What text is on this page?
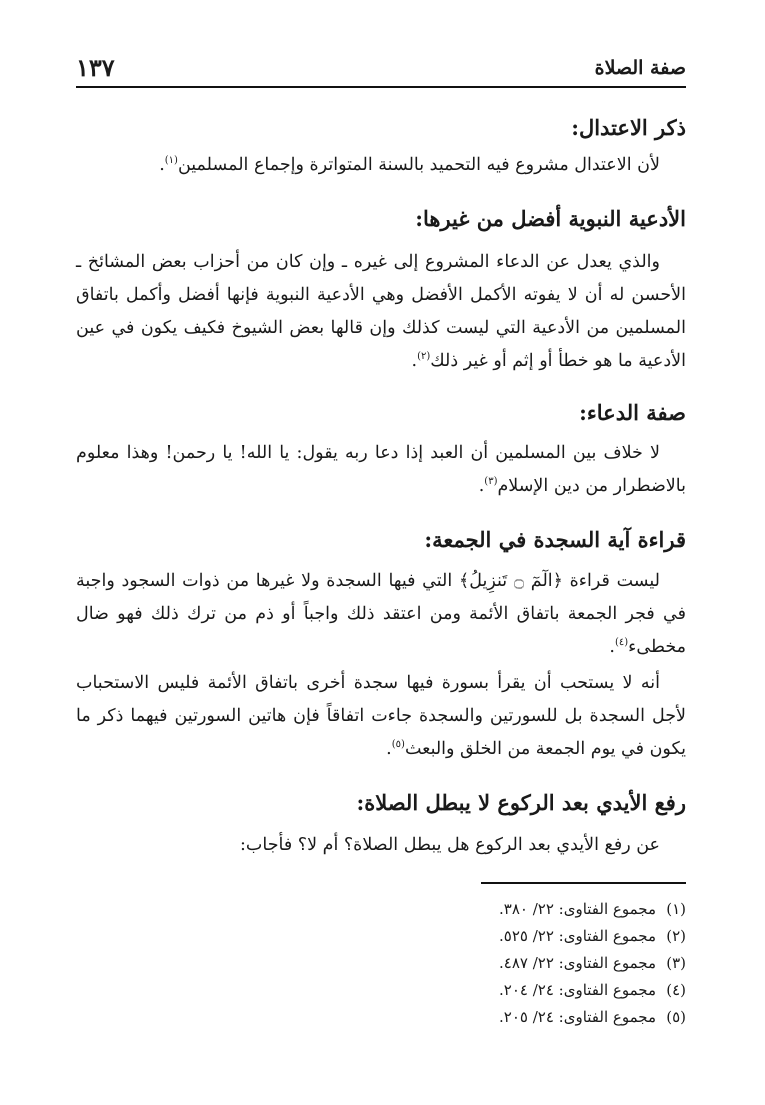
صفة الصلاة
١٣٧
ذكر الاعتدال:
لأن الاعتدال مشروع فيه التحميد بالسنة المتواترة وإجماع المسلمين$^{(١)}$.
الأدعية النبوية أفضل من غيرها:
والذي يعدل عن الدعاء المشروع إلى غيره ـ وإن كان من أحزاب بعض المشائخ ـ الأحسن له أن لا يفوته الأكمل الأفضل وهي الأدعية النبوية فإنها أفضل وأكمل باتفاق المسلمين من الأدعية التي ليست كذلك وإن قالها بعض الشيوخ فكيف يكون في عين الأدعية ما هو خطأ أو إثم أو غير ذلك$^{(٢)}$.
صفة الدعاء:
لا خلاف بين المسلمين أن العبد إذا دعا ربه يقول: يا الله! يا رحمن! وهذا معلوم بالاضطرار من دين الإسلام$^{(٣)}$.
قراءة آية السجدة في الجمعة:
ليست قراءة ﴿الٓمٓ ۝ تَنزِيلُ﴾ التي فيها السجدة ولا غيرها من ذوات السجود واجبة في فجر الجمعة باتفاق الأئمة ومن اعتقد ذلك واجباً أو ذم من ترك ذلك فهو ضال مخطىء$^{(٤)}$.
أنه لا يستحب أن يقرأ بسورة فيها سجدة أخرى باتفاق الأئمة فليس الاستحباب لأجل السجدة بل للسورتين والسجدة جاءت اتفاقاً فإن هاتين السورتين فيهما ذكر ما يكون في يوم الجمعة من الخلق والبعث$^{(٥)}$.
رفع الأيدي بعد الركوع لا يبطل الصلاة:
عن رفع الأيدي بعد الركوع هل يبطل الصلاة؟ أم لا؟ فأجاب:
(١)مجموع الفتاوى: ٢٢/ ٣٨٠.
(٢)مجموع الفتاوى: ٢٢/ ٥٢٥.
(٣)مجموع الفتاوى: ٢٢/ ٤٨٧.
(٤)مجموع الفتاوى: ٢٤/ ٢٠٤.
(٥)مجموع الفتاوى: ٢٤/ ٢٠٥.
